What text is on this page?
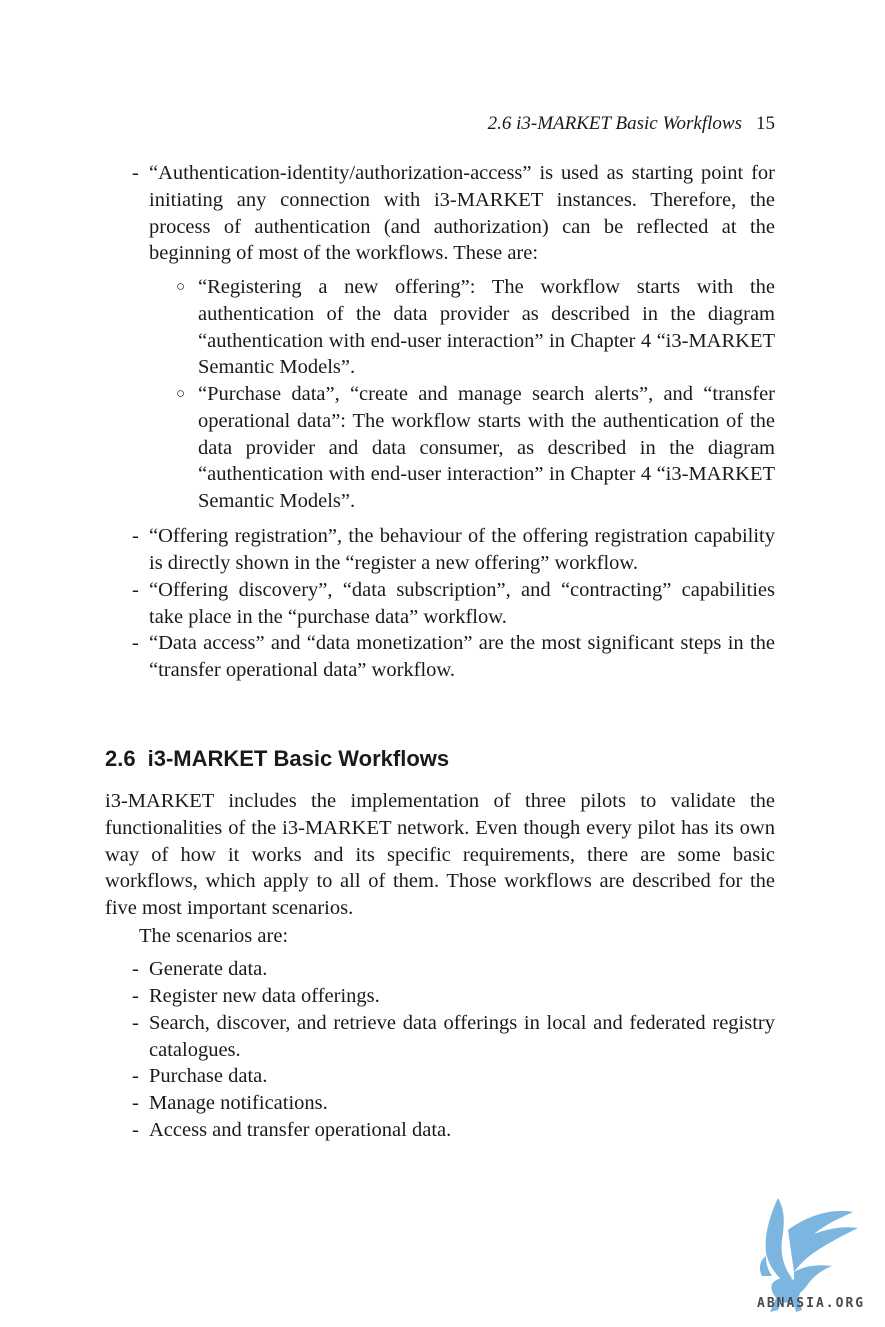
2.6 i3-MARKET Basic Workflows 15
- “Authentication-identity/authorization-access” is used as starting point for initiating any connection with i3-MARKET instances. Therefore, the process of authentication (and authorization) can be reflected at the beginning of most of the workflows. These are:
○ “Registering a new offering”: The workflow starts with the authentication of the data provider as described in the diagram “authentication with end-user interaction” in Chapter 4 “i3-MARKET Semantic Models”.
○ “Purchase data”, “create and manage search alerts”, and “transfer operational data”: The workflow starts with the authentication of the data provider and data consumer, as described in the diagram “authentication with end-user interaction” in Chapter 4 “i3-MARKET Semantic Models”.
- “Offering registration”, the behaviour of the offering registration capability is directly shown in the “register a new offering” workflow.
- “Offering discovery”, “data subscription”, and “contracting” capabilities take place in the “purchase data” workflow.
- “Data access” and “data monetization” are the most significant steps in the “transfer operational data” workflow.
2.6 i3-MARKET Basic Workflows
i3-MARKET includes the implementation of three pilots to validate the functionalities of the i3-MARKET network. Even though every pilot has its own way of how it works and its specific requirements, there are some basic workflows, which apply to all of them. Those workflows are described for the five most important scenarios.
The scenarios are:
- Generate data.
- Register new data offerings.
- Search, discover, and retrieve data offerings in local and federated registry catalogues.
- Purchase data.
- Manage notifications.
- Access and transfer operational data.
ABNASIA.ORG
